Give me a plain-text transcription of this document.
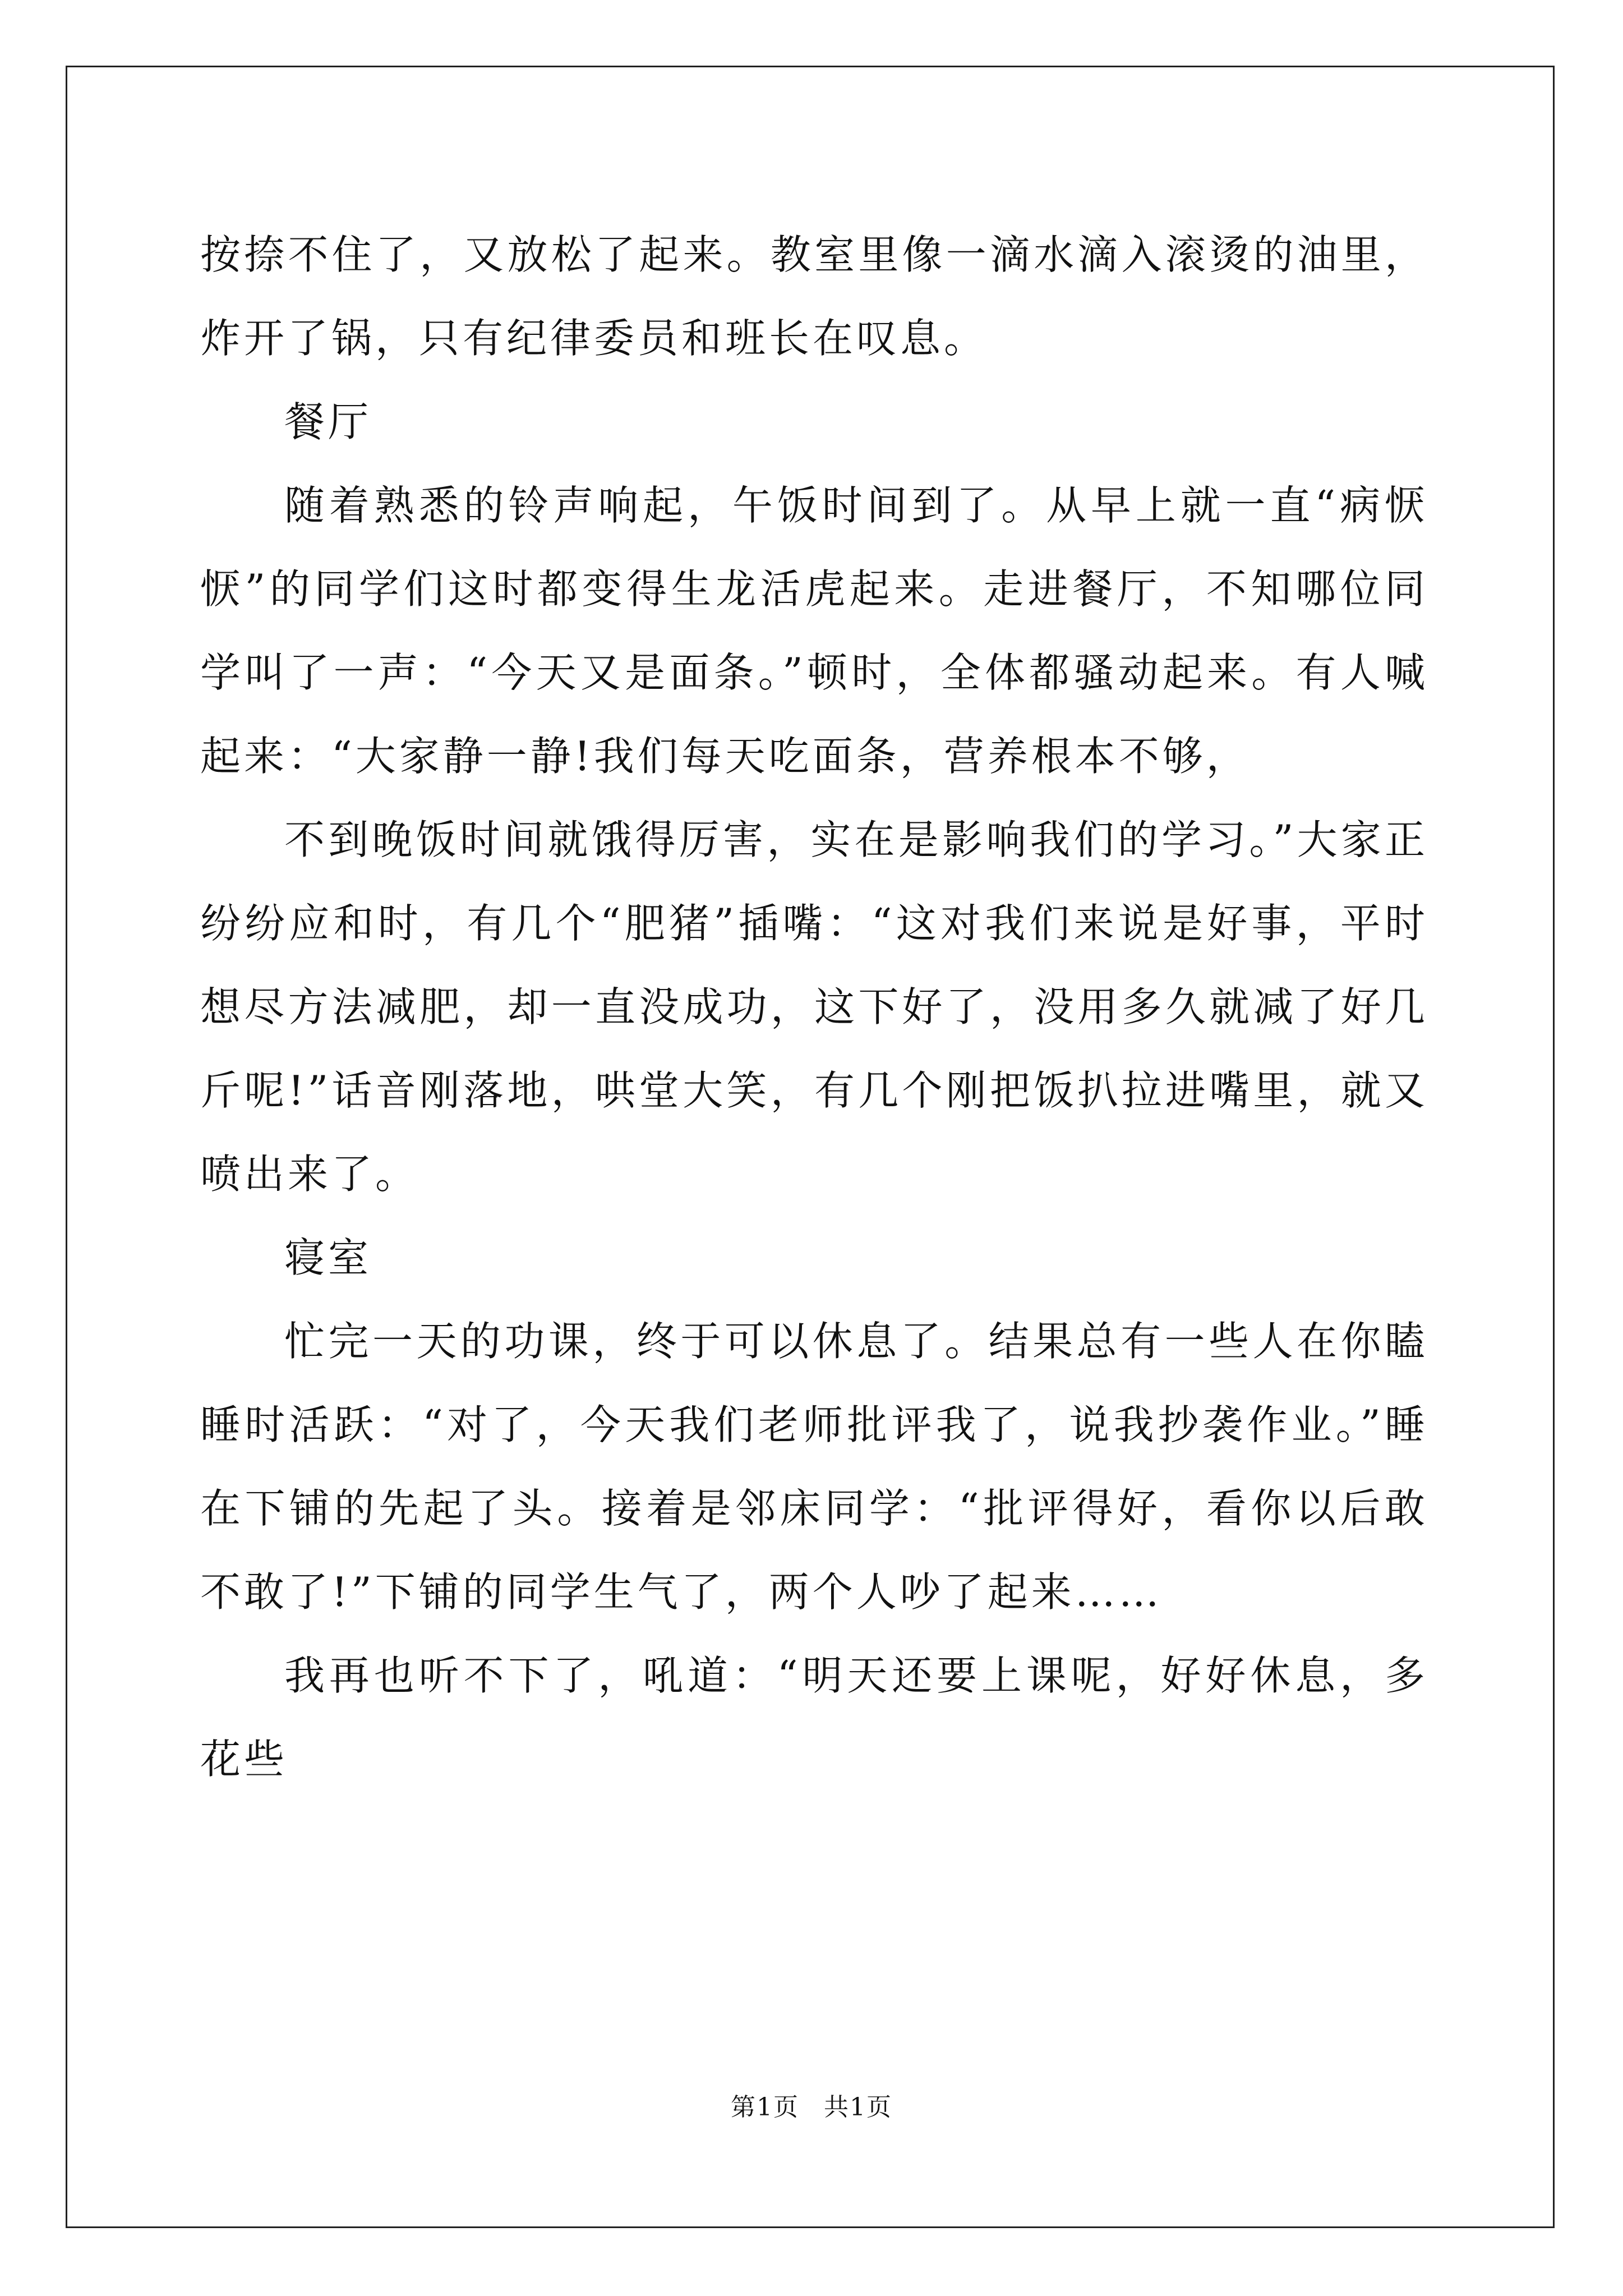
按捺不住了，又放松了起来。教室里像一滴水滴入滚烫的油里，炸开了锅，只有纪律委员和班长在叹息。

餐厅

随着熟悉的铃声响起，午饭时间到了。从早上就一直“病恹恹”的同学们这时都变得生龙活虎起来。走进餐厅，不知哪位同学叫了一声：“今天又是面条。”顿时，全体都骚动起来。有人喊起来：“大家静一静!我们每天吃面条，营养根本不够，

不到晚饭时间就饿得厉害，实在是影响我们的学习。”大家正纷纷应和时，有几个“肥猪”插嘴：“这对我们来说是好事，平时想尽方法减肥，却一直没成功，这下好了，没用多久就减了好几斤呢!”话音刚落地，哄堂大笑，有几个刚把饭扒拉进嘴里，就又喷出来了。

寝室

忙完一天的功课，终于可以休息了。结果总有一些人在你瞌睡时活跃：“对了，今天我们老师批评我了，说我抄袭作业。”睡在下铺的先起了头。接着是邻床同学：“批评得好，看你以后敢不敢了!”下铺的同学生气了，两个人吵了起来……

我再也听不下了，吼道：“明天还要上课呢，好好休息，多花些

第1页 共1页
